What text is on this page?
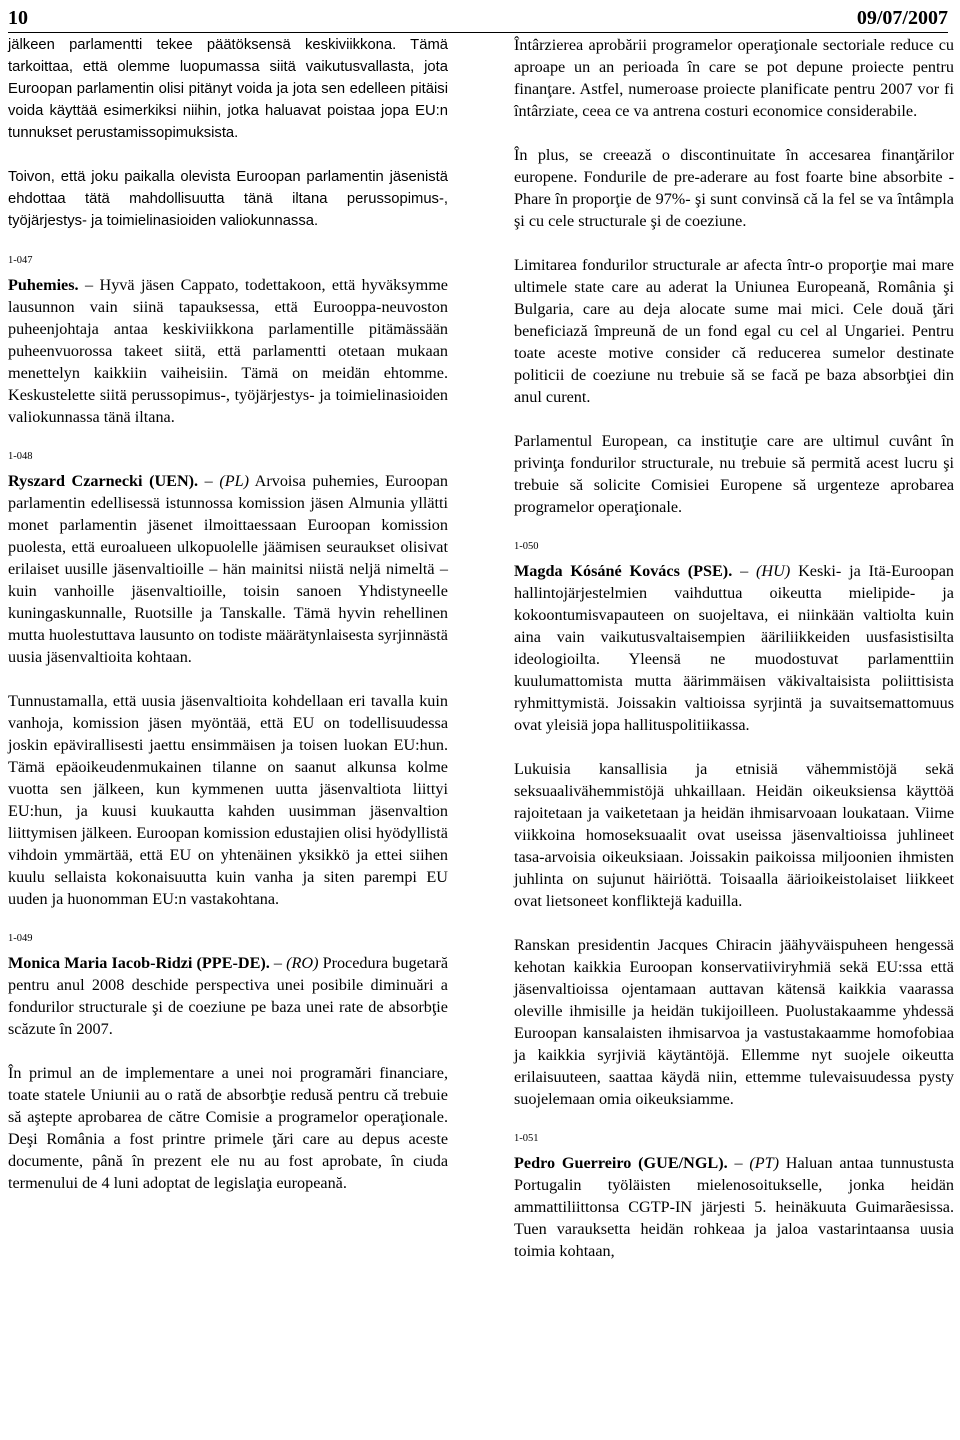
10	09/07/2007

jälkeen parlamentti tekee päätöksensä keskiviikkona. Tämä tarkoittaa, että olemme luopumassa siitä vaikutusvallasta, jota Euroopan parlamentin olisi pitänyt voida ja jota sen edelleen pitäisi voida käyttää esimerkiksi niihin, jotka haluavat poistaa jopa EU:n tunnukset perustamissopimuksista.

Toivon, että joku paikalla olevista Euroopan parlamentin jäsenistä ehdottaa tätä mahdollisuutta tänä iltana perussopimus-, työjärjestys- ja toimielinasioiden valiokunnassa.

1-047

Puhemies. – Hyvä jäsen Cappato, todettakoon, että hyväksymme lausunnon vain siinä tapauksessa, että Eurooppa-neuvoston puheenjohtaja antaa keskiviikkona parlamentille pitämässään puheenvuorossa takeet siitä, että parlamentti otetaan mukaan menettelyn kaikkiin vaiheisiin. Tämä on meidän ehtomme. Keskustelette siitä perussopimus-, työjärjestys- ja toimielinasioiden valiokunnassa tänä iltana.

1-048

Ryszard Czarnecki (UEN). – (PL) Arvoisa puhemies, Euroopan parlamentin edellisessä istunnossa komission jäsen Almunia yllätti monet parlamentin jäsenet ilmoittaessaan Euroopan komission puolesta, että euroalueen ulkopuolelle jäämisen seuraukset olisivat erilaiset uusille jäsenvaltioille – hän mainitsi niistä neljä nimeltä – kuin vanhoille jäsenvaltioille, toisin sanoen Yhdistyneelle kuningaskunnalle, Ruotsille ja Tanskalle. Tämä hyvin rehellinen mutta huolestuttava lausunto on todiste määrätynlaisesta syrjinnästä uusia jäsenvaltioita kohtaan.

Tunnustamalla, että uusia jäsenvaltioita kohdellaan eri tavalla kuin vanhoja, komission jäsen myöntää, että EU on todellisuudessa joskin epävirallisesti jaettu ensimmäisen ja toisen luokan EU:hun. Tämä epäoikeudenmukainen tilanne on saanut alkunsa kolme vuotta sen jälkeen, kun kymmenen uutta jäsenvaltiota liittyi EU:hun, ja kuusi kuukautta kahden uusimman jäsenvaltion liittymisen jälkeen. Euroopan komission edustajien olisi hyödyllistä vihdoin ymmärtää, että EU on yhtenäinen yksikkö ja ettei siihen kuulu sellaista kokonaisuutta kuin vanha ja siten parempi EU uuden ja huonomman EU:n vastakohtana.

1-049

Monica Maria Iacob-Ridzi (PPE-DE). – (RO) Procedura bugetară pentru anul 2008 deschide perspectiva unei posibile diminuări a fondurilor structurale şi de coeziune pe baza unei rate de absorbţie scăzute în 2007.

În primul an de implementare a unei noi programări financiare, toate statele Uniunii au o rată de absorbţie redusă pentru că trebuie să aştepte aprobarea de către Comisie a programelor operaţionale. Deşi România a fost printre primele ţări care au depus aceste documente, până în prezent ele nu au fost aprobate, în ciuda termenului de 4 luni adoptat de legislaţia europeană.

Întârzierea aprobării programelor operaţionale sectoriale reduce cu aproape un an perioada în care se pot depune proiecte pentru finanţare. Astfel, numeroase proiecte planificate pentru 2007 vor fi întârziate, ceea ce va antrena costuri economice considerabile.

În plus, se creează o discontinuitate în accesarea finanţărilor europene. Fondurile de pre-aderare au fost foarte bine absorbite -Phare în proporţie de 97%- şi sunt convinsă că la fel se va întâmpla şi cu cele structurale şi de coeziune.

Limitarea fondurilor structurale ar afecta într-o proporţie mai mare ultimele state care au aderat la Uniunea Europeană, România şi Bulgaria, care au deja alocate sume mai mici. Cele două ţări beneficiază împreună de un fond egal cu cel al Ungariei. Pentru toate aceste motive consider că reducerea sumelor destinate politicii de coeziune nu trebuie să se facă pe baza absorbţiei din anul curent.

Parlamentul European, ca instituţie care are ultimul cuvânt în privinţa fondurilor structurale, nu trebuie să permită acest lucru şi trebuie să solicite Comisiei Europene să urgenteze aprobarea programelor operaţionale.

1-050

Magda Kósáné Kovács (PSE). – (HU) Keski- ja Itä-Euroopan hallintojärjestelmien vaihduttua oikeutta mielipide- ja kokoontumisvapauteen on suojeltava, ei niinkään valtiolta kuin aina vain vaikutusvaltaisempien ääriliikkeiden uusfasistisilta ideologioilta. Yleensä ne muodostuvat parlamenttiin kuulumattomista mutta äärimmäisen väkivaltaisista poliittisista ryhmittymistä. Joissakin valtioissa syrjintä ja suvaitsemattomuus ovat yleisiä jopa hallituspolitiikassa.

Lukuisia kansallisia ja etnisiä vähemmistöjä sekä seksuaalivähemmistöjä uhkaillaan. Heidän oikeuksiensa käyttöä rajoitetaan ja vaiketetaan ja heidän ihmisarvoaan loukataan. Viime viikkoina homoseksuaalit ovat useissa jäsenvaltioissa juhlineet tasa-arvoisia oikeuksiaan. Joissakin paikoissa miljoonien ihmisten juhlinta on sujunut häiriöttä. Toisaalla äärioikeistolaiset liikkeet ovat lietsoneet konfliktejä kaduilla.

Ranskan presidentin Jacques Chiracin jäähyväispuheen hengessä kehotan kaikkia Euroopan konservatiiviryhmiä sekä EU:ssa että jäsenvaltioissa ojentamaan auttavan kätensä kaikkia vaarassa oleville ihmisille ja heidän tukijoilleen. Puolustakaamme yhdessä Euroopan kansalaisten ihmisarvoa ja vastustakaamme homofobiaa ja kaikkia syrjiviä käytäntöjä. Ellemme nyt suojele oikeutta erilaisuuteen, saattaa käydä niin, ettemme tulevaisuudessa pysty suojelemaan omia oikeuksiamme.

1-051

Pedro Guerreiro (GUE/NGL). – (PT) Haluan antaa tunnustusta Portugalin työläisten mielenosoitukselle, jonka heidän ammattiliittonsa CGTP-IN järjesti 5. heinäkuuta Guimarãesissa. Tuen varauksetta heidän rohkeaa ja jaloa vastarintaansa uusia toimia kohtaan,
